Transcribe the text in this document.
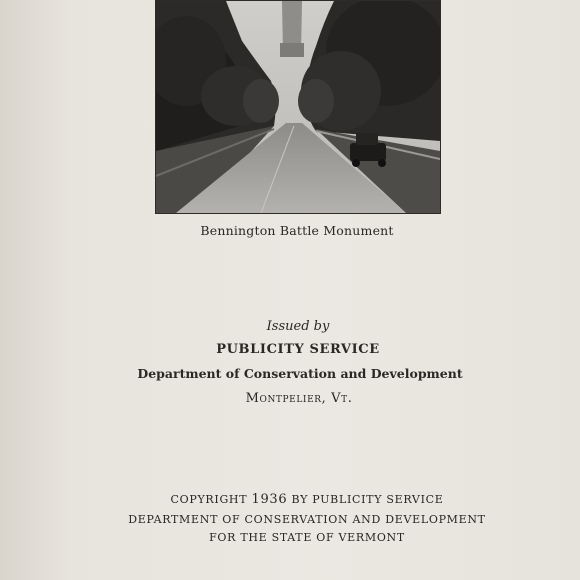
Bennington Battle Monument
Issued by
PUBLICITY SERVICE
Department of Conservation and Development
Montpelier, Vt.
COPYRIGHT 1936 BY PUBLICITY SERVICE
DEPARTMENT OF CONSERVATION AND DEVELOPMENT
FOR THE STATE OF VERMONT
